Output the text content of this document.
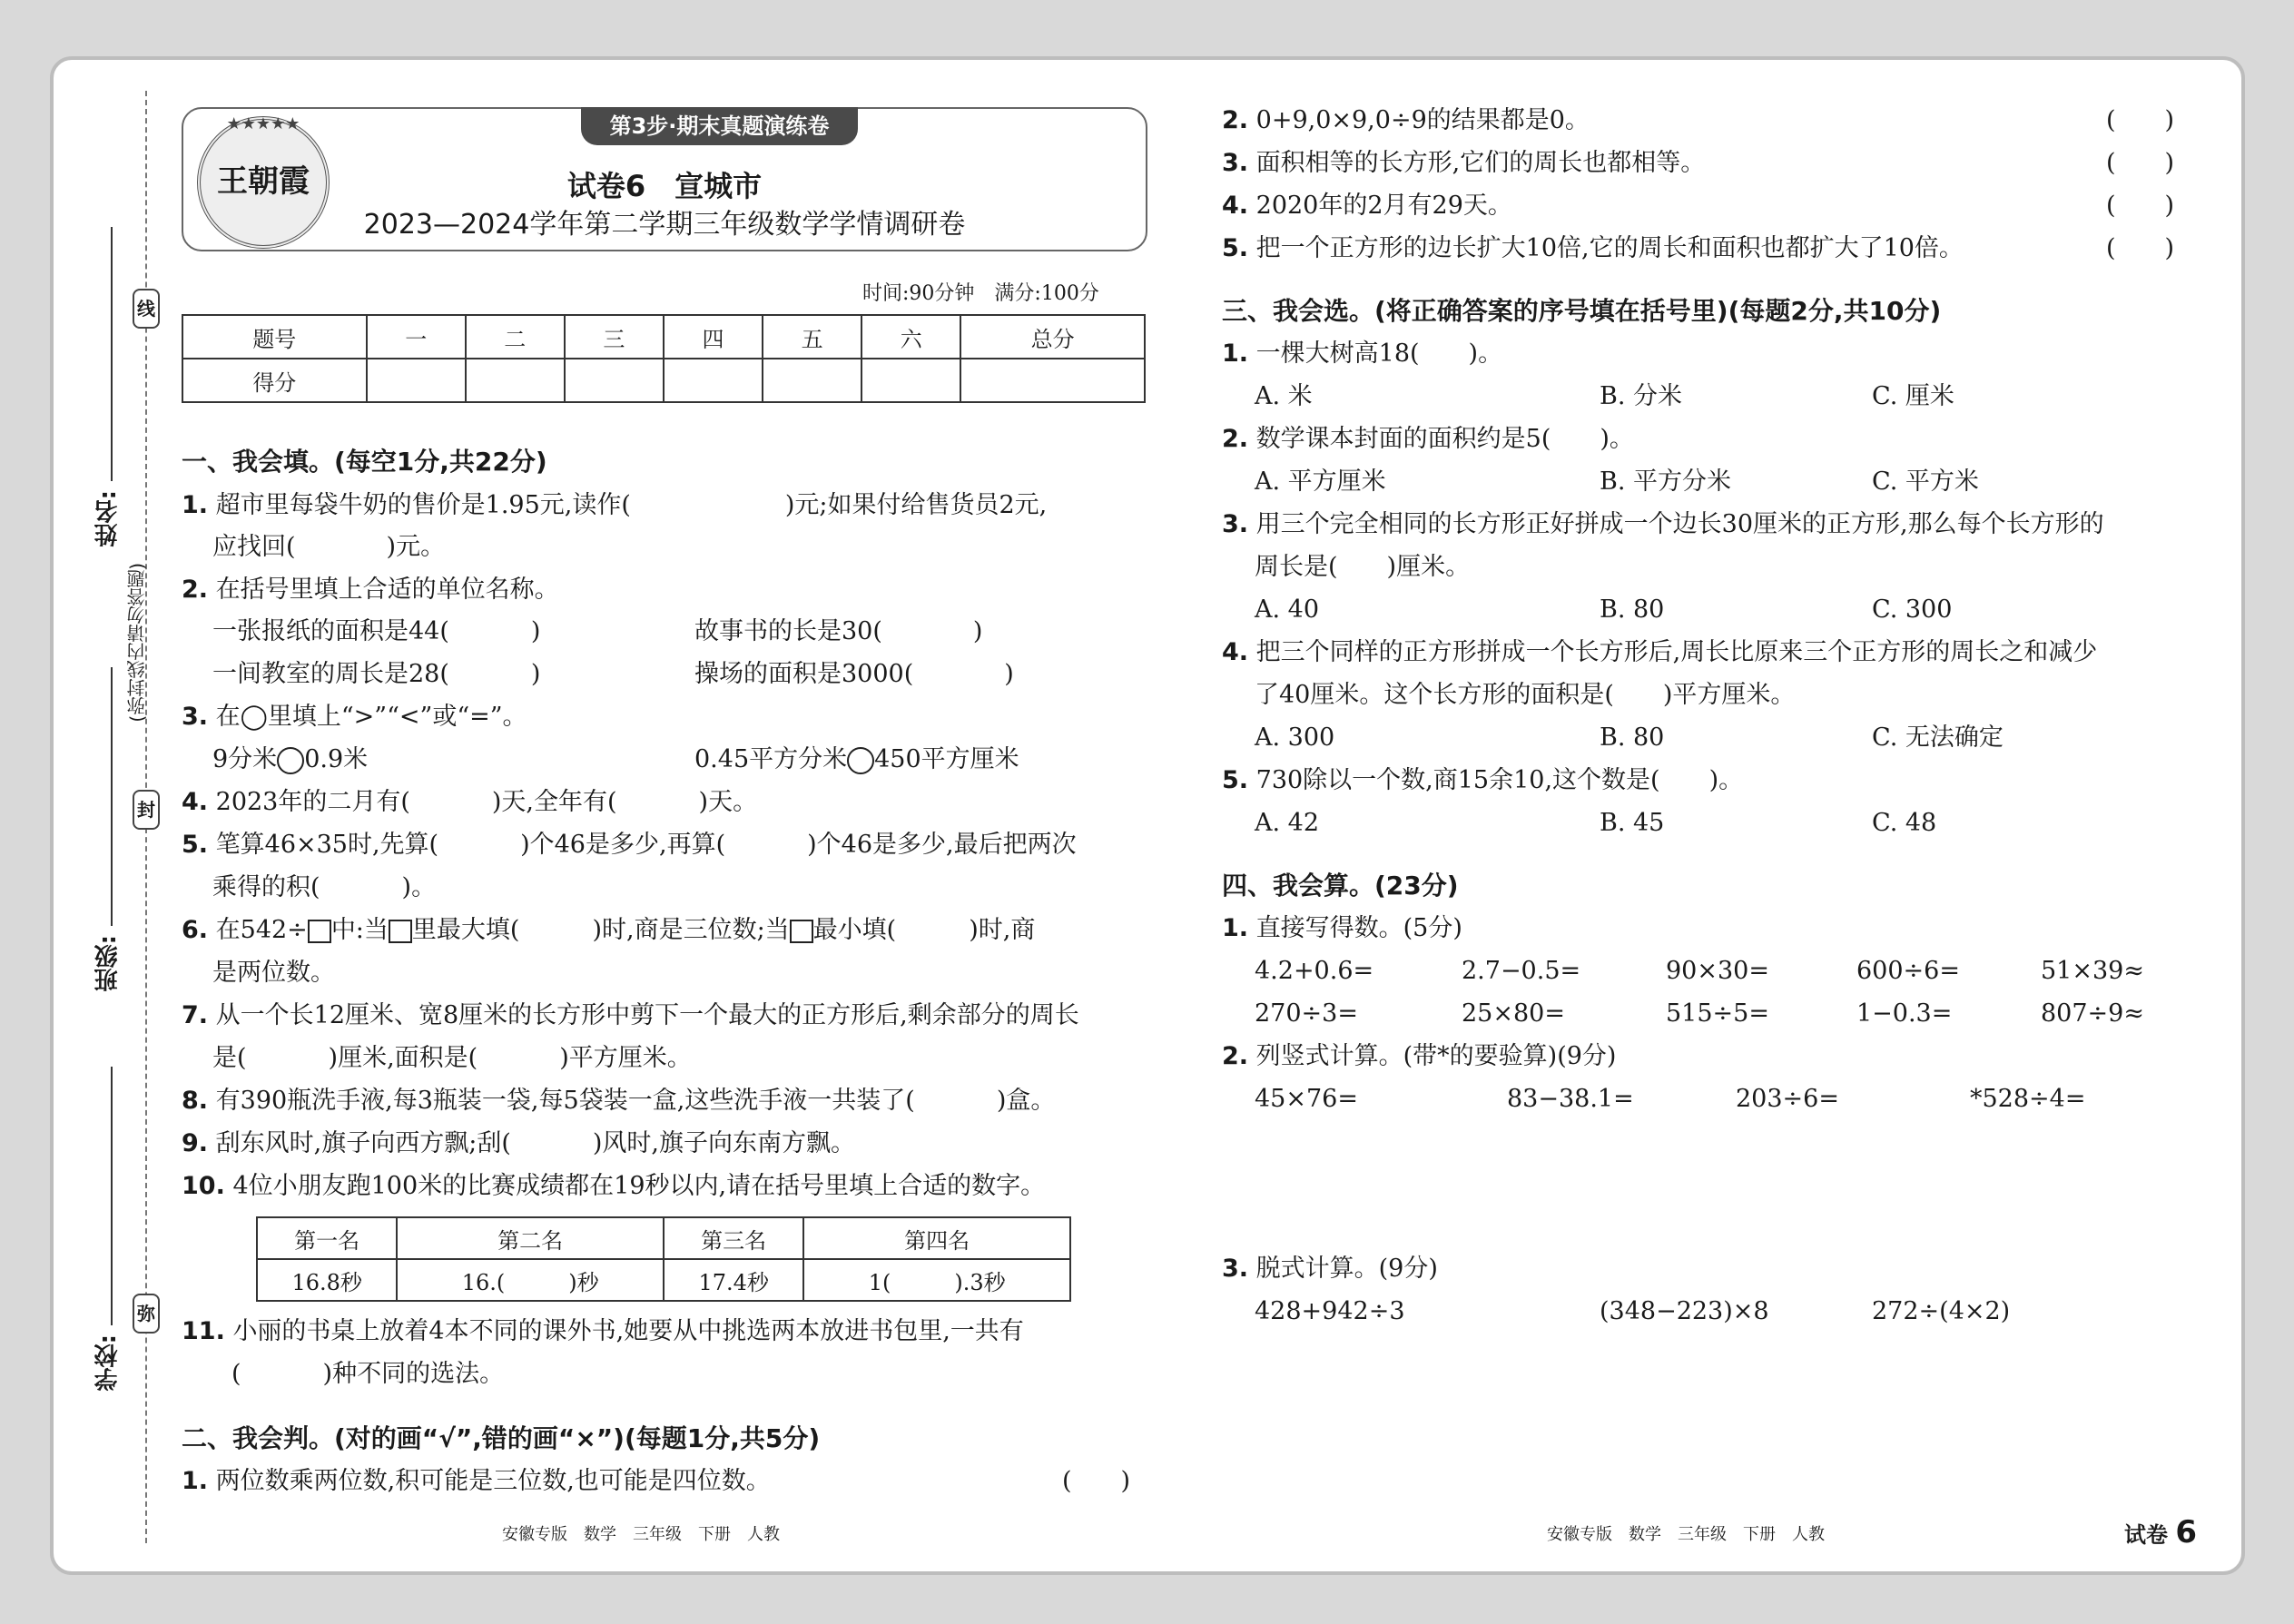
线
封
弥
姓名:
班级:
学校:
(弥封线内请勿答题)
★★★★★
王朝霞
第3步·期末真题演练卷
试卷6　宣城市
2023—2024学年第二学期三年级数学学情调研卷
时间:90分钟　满分:100分
题号	一	二	三	四	五	六	总分
得分							
一、我会填。(每空1分,共22分)
1. 超市里每袋牛奶的售价是1.95元,读作(	)元;如果付给售货员2元,
应找回(	)元。
2. 在括号里填上合适的单位名称。
一张报纸的面积是44(	)	故事书的长是30(	)
一间教室的周长是28(	)	操场的面积是3000(	)
3. 在◯里填上“>”“<”或“=”。
9分米 0.9米	0.45平方分米 450平方厘米
4. 2023年的二月有(	)天,全年有(	)天。
5. 笔算46×35时,先算(	)个46是多少,再算(	)个46是多少,最后把两次
乘得的积(	)。
6. 在542÷ 中:当 里最大填(	)时,商是三位数;当 最小填(	)时,商
是两位数。
7. 从一个长12厘米、宽8厘米的长方形中剪下一个最大的正方形后,剩余部分的周长
是(	)厘米,面积是(	)平方厘米。
8. 有390瓶洗手液,每3瓶装一袋,每5袋装一盒,这些洗手液一共装了(	)盒。
9. 刮东风时,旗子向西方飘;刮(	)风时,旗子向东南方飘。
10. 4位小朋友跑100米的比赛成绩都在19秒以内,请在括号里填上合适的数字。
第一名	第二名	第三名	第四名
16.8秒	16.( )秒	17.4秒	1( ).3秒
11. 小丽的书桌上放着4本不同的课外书,她要从中挑选两本放进书包里,一共有
(	)种不同的选法。
二、我会判。(对的画“√”,错的画“×”)(每题1分,共5分)
1. 两位数乘两位数,积可能是三位数,也可能是四位数。	(　　)
2. 0+9,0×9,0÷9的结果都是0。	(　　)
3. 面积相等的长方形,它们的周长也都相等。	(　　)
4. 2020年的2月有29天。	(　　)
5. 把一个正方形的边长扩大10倍,它的周长和面积也都扩大了10倍。	(　　)
三、我会选。(将正确答案的序号填在括号里)(每题2分,共10分)
1. 一棵大树高18(　　)。
A. 米	B. 分米	C. 厘米
2. 数学课本封面的面积约是5(　　)。
A. 平方厘米	B. 平方分米	C. 平方米
3. 用三个完全相同的长方形正好拼成一个边长30厘米的正方形,那么每个长方形的
周长是(　　)厘米。
A. 40	B. 80	C. 300
4. 把三个同样的正方形拼成一个长方形后,周长比原来三个正方形的周长之和减少
了40厘米。这个长方形的面积是(　　)平方厘米。
A. 300	B. 80	C. 无法确定
5. 730除以一个数,商15余10,这个数是(　　)。
A. 42	B. 45	C. 48
四、我会算。(23分)
1. 直接写得数。(5分)
4.2+0.6=	2.7−0.5=	90×30=	600÷6=	51×39≈
270÷3=	25×80=	515÷5=	1−0.3=	807÷9≈
2. 列竖式计算。(带*的要验算)(9分)
45×76=	83−38.1=	203÷6=	*528÷4=
3. 脱式计算。(9分)
428+942÷3	(348−223)×8	272÷(4×2)
安徽专版　数学　三年级　下册　人教	安徽专版　数学　三年级　下册　人教	试卷 6
